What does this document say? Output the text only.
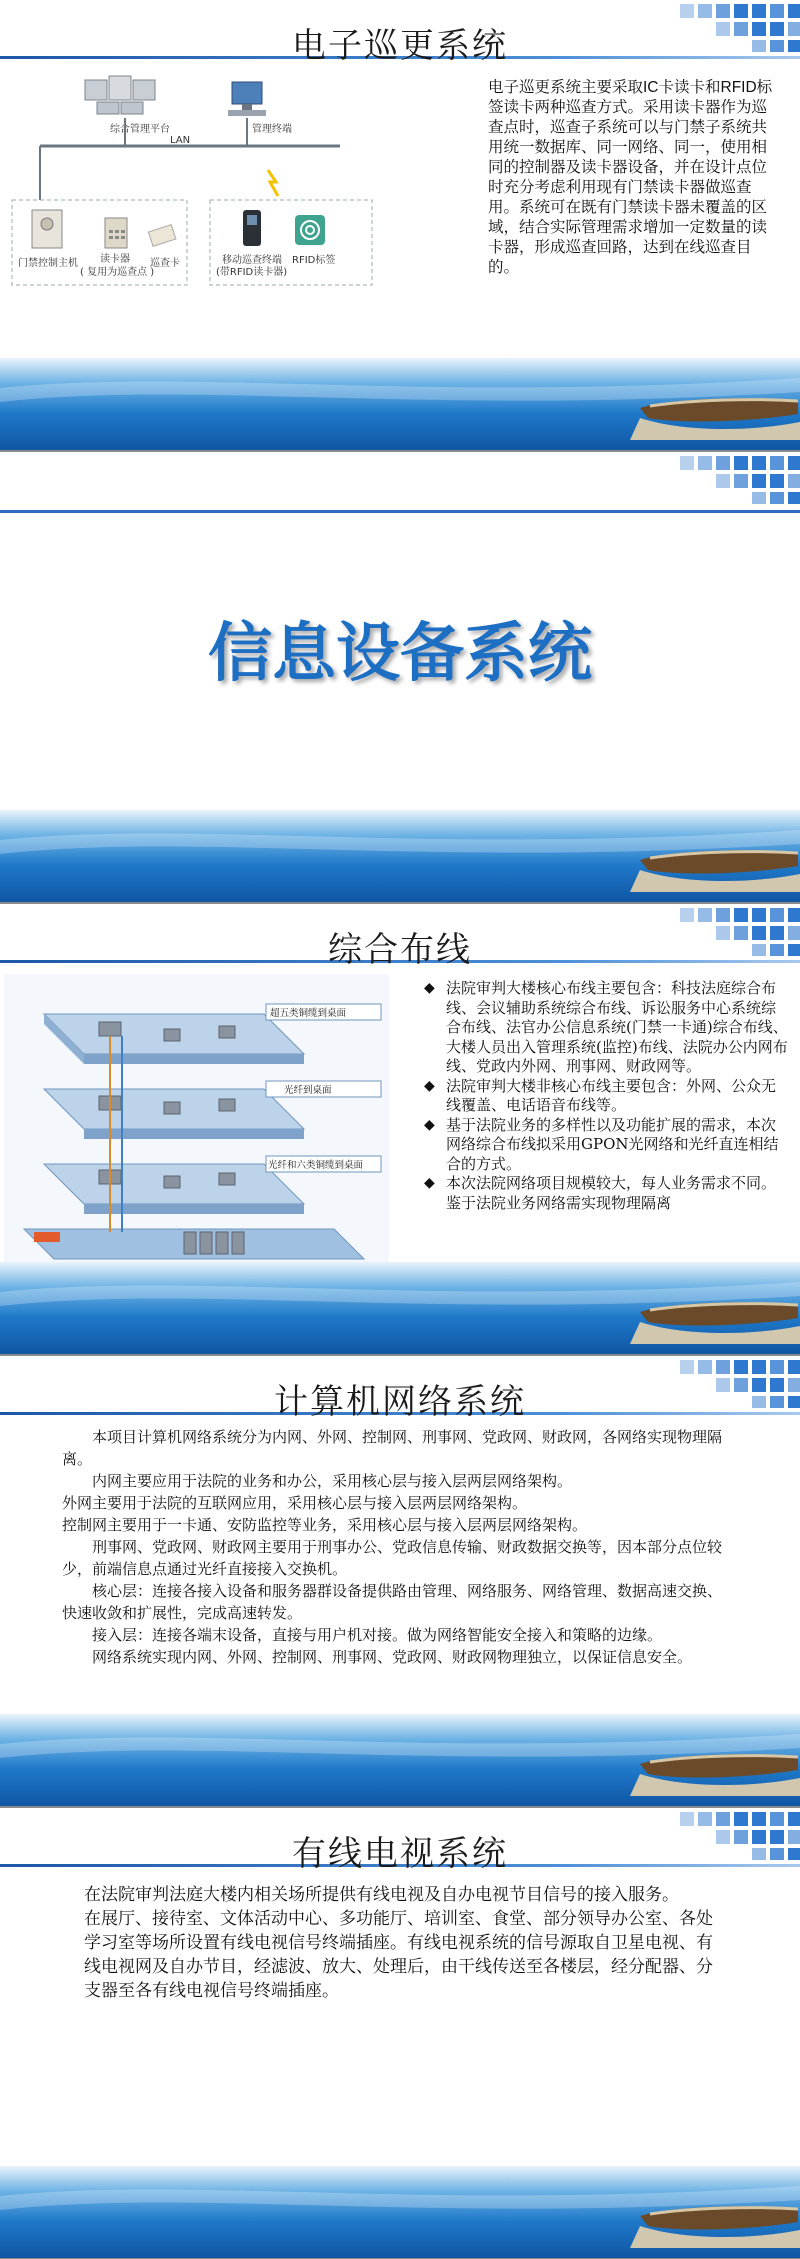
电子巡更系统
综合管理平台	管理终端
LAN
门禁控制主机 读卡器
( 复用为巡查点 )
巡查卡	移动巡查终端
(带RFID读卡器)
RFID标签
电子巡更系统主要采取IC卡读卡和RFID标签读卡两种巡查方式。采用读卡器作为巡查点时，巡查子系统可以与门禁子系统共用统一数据库、同一网络、同一，使用相同的控制器及读卡器设备，并在设计点位时充分考虑利用现有门禁读卡器做巡查用。系统可在既有门禁读卡器未覆盖的区域，结合实际管理需求增加一定数量的读卡器，形成巡查回路，达到在线巡查目的。
信息设备系统
综合布线
超五类铜缆到桌面
光纤到桌面
光纤和六类铜缆到桌面
◆ 法院审判大楼核心布线主要包含：科技法庭综合布线、会议辅助系统综合布线、诉讼服务中心系统综合布线、法官办公信息系统(门禁一卡通)综合布线、大楼人员出入管理系统(监控)布线、法院办公内网布线、党政内外网、刑事网、财政网等。
◆ 法院审判大楼非核心布线主要包含：外网、公众无线覆盖、电话语音布线等。
◆ 基于法院业务的多样性以及功能扩展的需求，本次网络综合布线拟采用GPON光网络和光纤直连相结合的方式。
◆ 本次法院网络项目规模较大，每人业务需求不同。鉴于法院业务网络需实现物理隔离
计算机网络系统

　　本项目计算机网络系统分为内网、外网、控制网、刑事网、党政网、财政网，各网络实现物理隔离。

　　内网主要应用于法院的业务和办公，采用核心层与接入层两层网络架构。

外网主要用于法院的互联网应用，采用核心层与接入层两层网络架构。

控制网主要用于一卡通、安防监控等业务，采用核心层与接入层两层网络架构。

　　刑事网、党政网、财政网主要用于刑事办公、党政信息传输、财政数据交换等，因本部分点位较少，前端信息点通过光纤直接接入交换机。

　　核心层：连接各接入设备和服务器群设备提供路由管理、网络服务、网络管理、数据高速交换、快速收敛和扩展性，完成高速转发。

　　接入层：连接各端末设备，直接与用户机对接。做为网络智能安全接入和策略的边缘。

　　网络系统实现内网、外网、控制网、刑事网、党政网、财政网物理独立，以保证信息安全。

有线电视系统

在法院审判法庭大楼内相关场所提供有线电视及自办电视节目信号的接入服务。

在展厅、接待室、文体活动中心、多功能厅、培训室、食堂、部分领导办公室、各处学习室等场所设置有线电视信号终端插座。有线电视系统的信号源取自卫星电视、有线电视网及自办节目，经滤波、放大、处理后，由干线传送至各楼层，经分配器、分支器至各有线电视信号终端插座。
